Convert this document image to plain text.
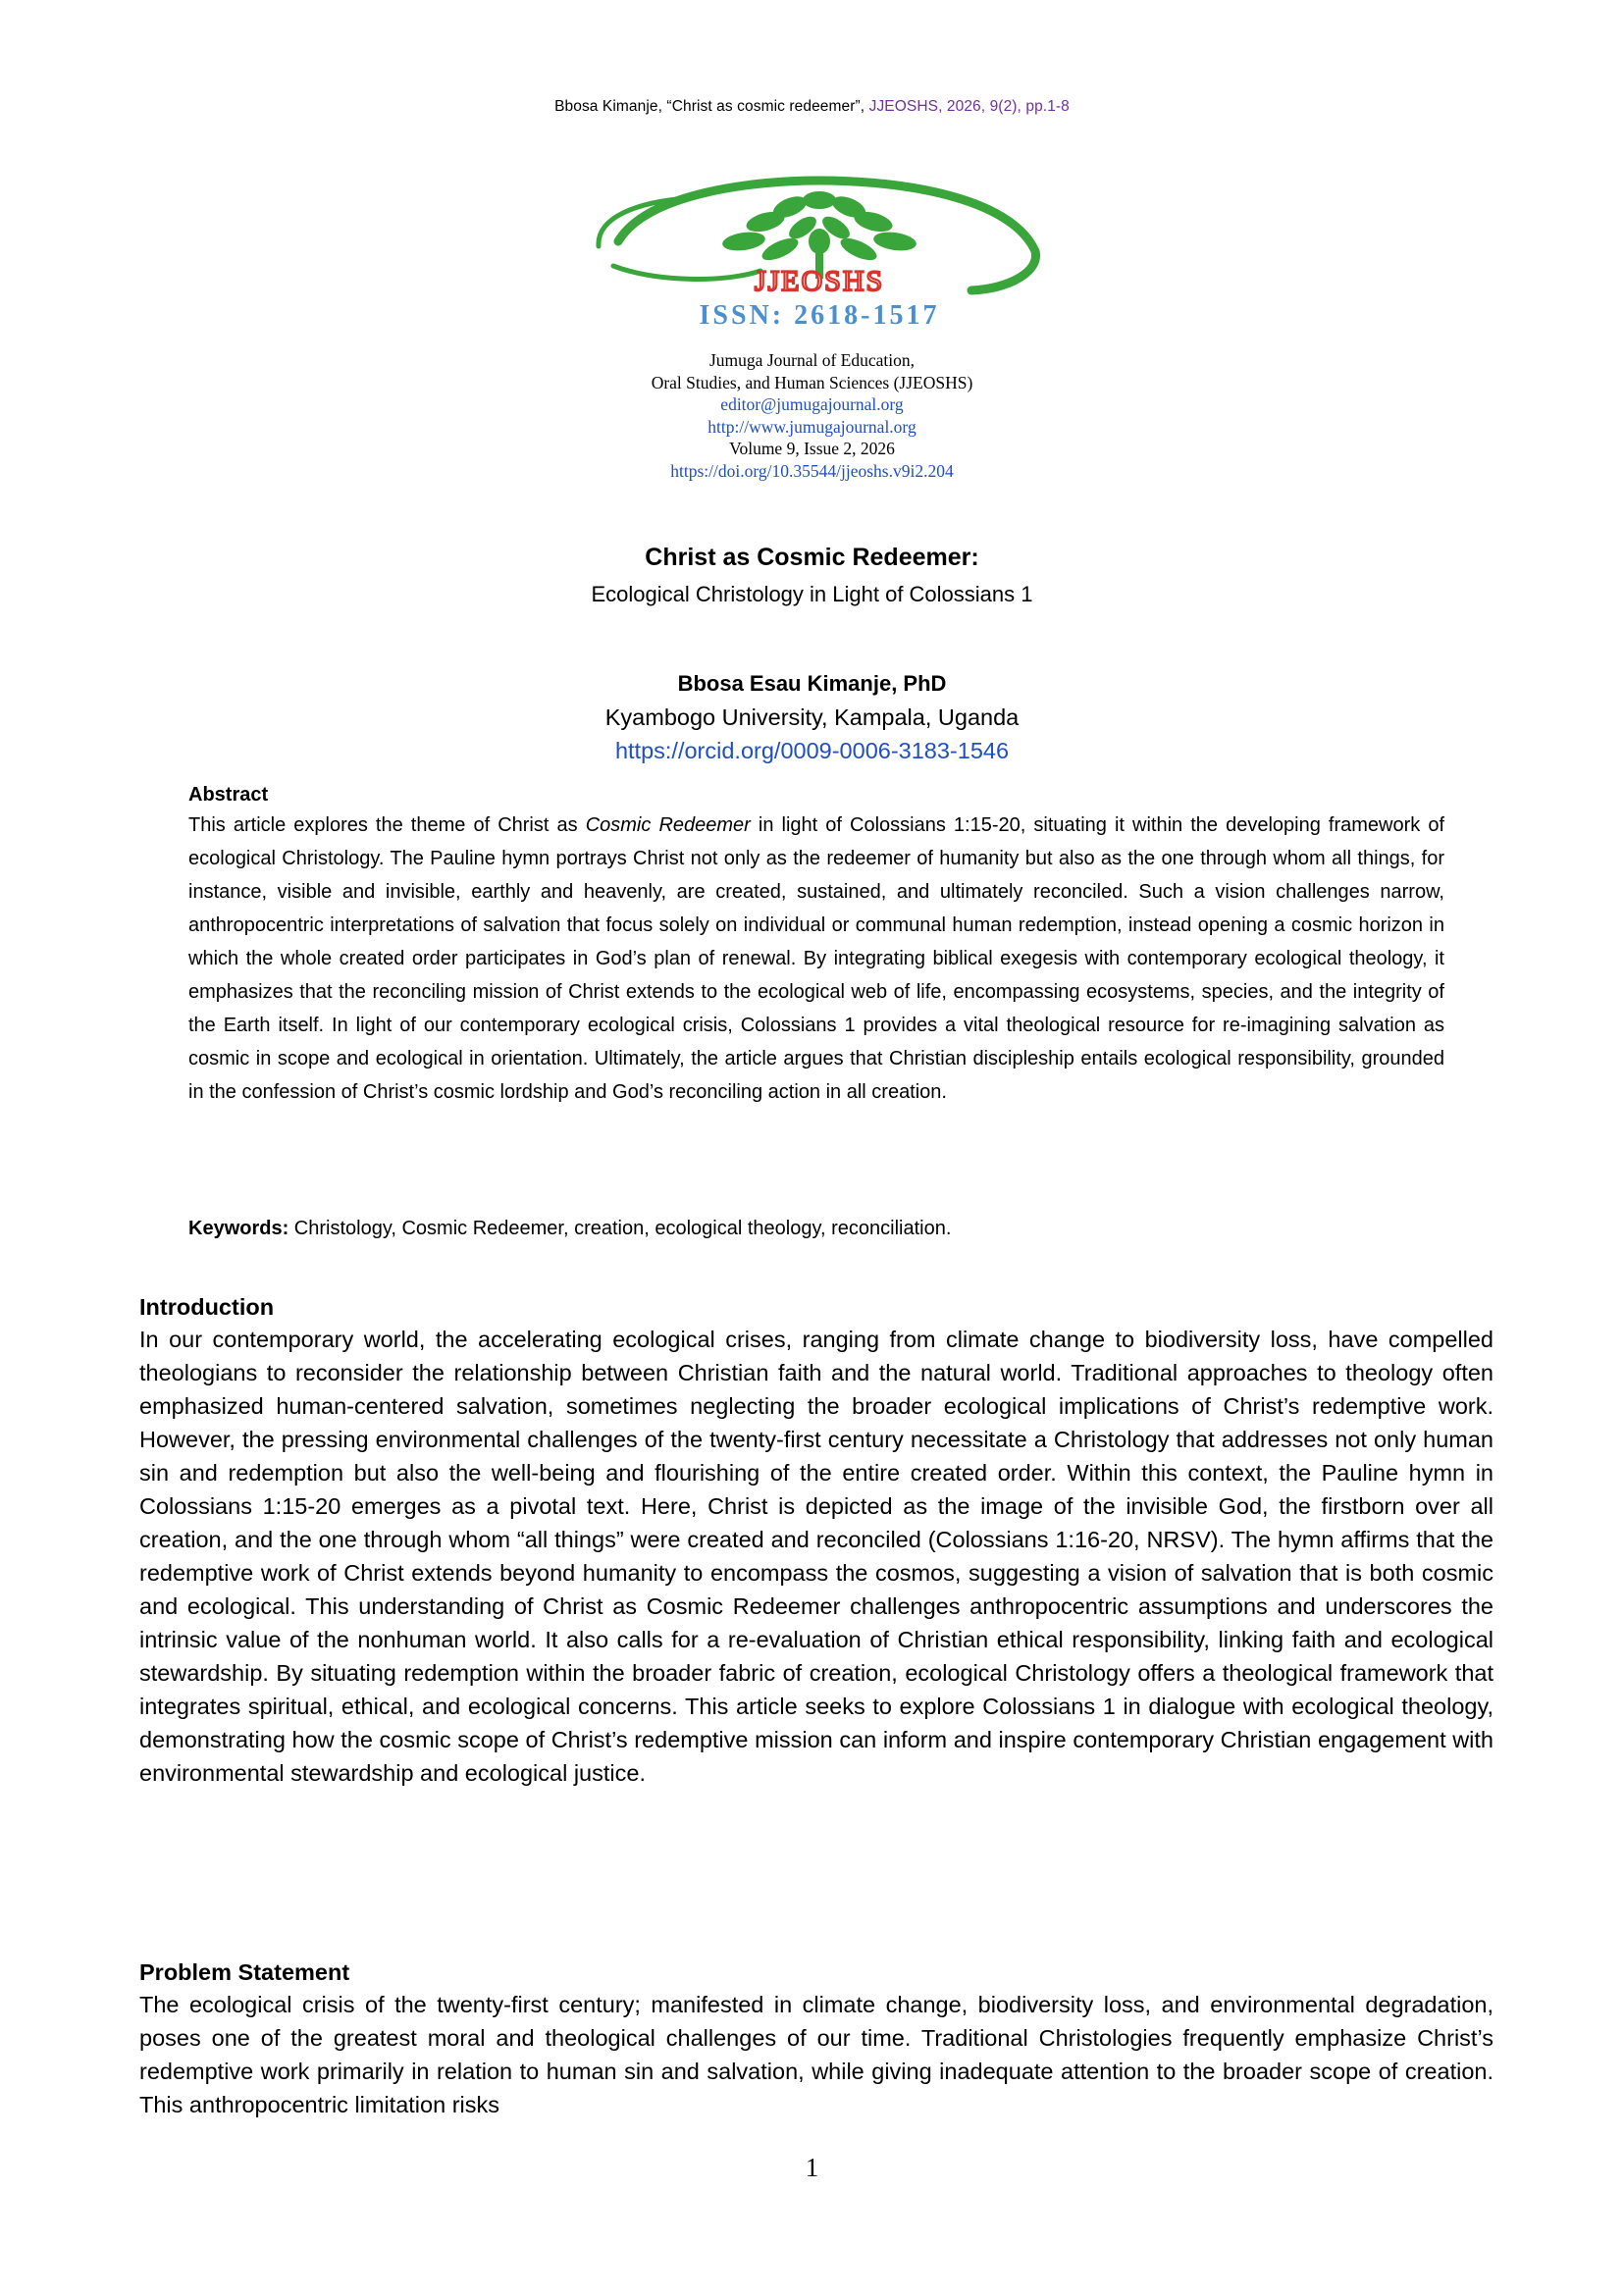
Bbosa Kimanje, “Christ as cosmic redeemer”, JJEOSHS, 2026, 9(2), pp.1-8
JJEOSHS
ISSN: 2618-1517
Jumuga Journal of Education,
Oral Studies, and Human Sciences (JJEOSHS)
editor@jumugajournal.org
http://www.jumugajournal.org
Volume 9, Issue 2, 2026
https://doi.org/10.35544/jjeoshs.v9i2.204
Christ as Cosmic Redeemer:
Ecological Christology in Light of Colossians 1
Bbosa Esau Kimanje, PhD
Kyambogo University, Kampala, Uganda
https://orcid.org/0009-0006-3183-1546
Abstract

This article explores the theme of Christ as Cosmic Redeemer in light of Colossians 1:15-20, situating it within the developing framework of ecological Christology. The Pauline hymn portrays Christ not only as the redeemer of humanity but also as the one through whom all things, for instance, visible and invisible, earthly and heavenly, are created, sustained, and ultimately reconciled. Such a vision challenges narrow, anthropocentric interpretations of salvation that focus solely on individual or communal human redemption, instead opening a cosmic horizon in which the whole created order participates in God’s plan of renewal. By integrating biblical exegesis with contemporary ecological theology, it emphasizes that the reconciling mission of Christ extends to the ecological web of life, encompassing ecosystems, species, and the integrity of the Earth itself. In light of our contemporary ecological crisis, Colossians 1 provides a vital theological resource for re-imagining salvation as cosmic in scope and ecological in orientation. Ultimately, the article argues that Christian discipleship entails ecological responsibility, grounded in the confession of Christ’s cosmic lordship and God’s reconciling action in all creation.

Keywords: Christology, Cosmic Redeemer, creation, ecological theology, reconciliation.
Introduction

In our contemporary world, the accelerating ecological crises, ranging from climate change to biodiversity loss, have compelled theologians to reconsider the relationship between Christian faith and the natural world. Traditional approaches to theology often emphasized human-centered salvation, sometimes neglecting the broader ecological implications of Christ’s redemptive work. However, the pressing environmental challenges of the twenty-first century necessitate a Christology that addresses not only human sin and redemption but also the well-being and flourishing of the entire created order. Within this context, the Pauline hymn in Colossians 1:15-20 emerges as a pivotal text. Here, Christ is depicted as the image of the invisible God, the firstborn over all creation, and the one through whom “all things” were created and reconciled (Colossians 1:16-20, NRSV). The hymn affirms that the redemptive work of Christ extends beyond humanity to encompass the cosmos, suggesting a vision of salvation that is both cosmic and ecological. This understanding of Christ as Cosmic Redeemer challenges anthropocentric assumptions and underscores the intrinsic value of the nonhuman world. It also calls for a re-evaluation of Christian ethical responsibility, linking faith and ecological stewardship. By situating redemption within the broader fabric of creation, ecological Christology offers a theological framework that integrates spiritual, ethical, and ecological concerns. This article seeks to explore Colossians 1 in dialogue with ecological theology, demonstrating how the cosmic scope of Christ’s redemptive mission can inform and inspire contemporary Christian engagement with environmental stewardship and ecological justice.

Problem Statement

The ecological crisis of the twenty-first century; manifested in climate change, biodiversity loss, and environmental degradation, poses one of the greatest moral and theological challenges of our time. Traditional Christologies frequently emphasize Christ’s redemptive work primarily in relation to human sin and salvation, while giving inadequate attention to the broader scope of creation. This anthropocentric limitation risks

1
